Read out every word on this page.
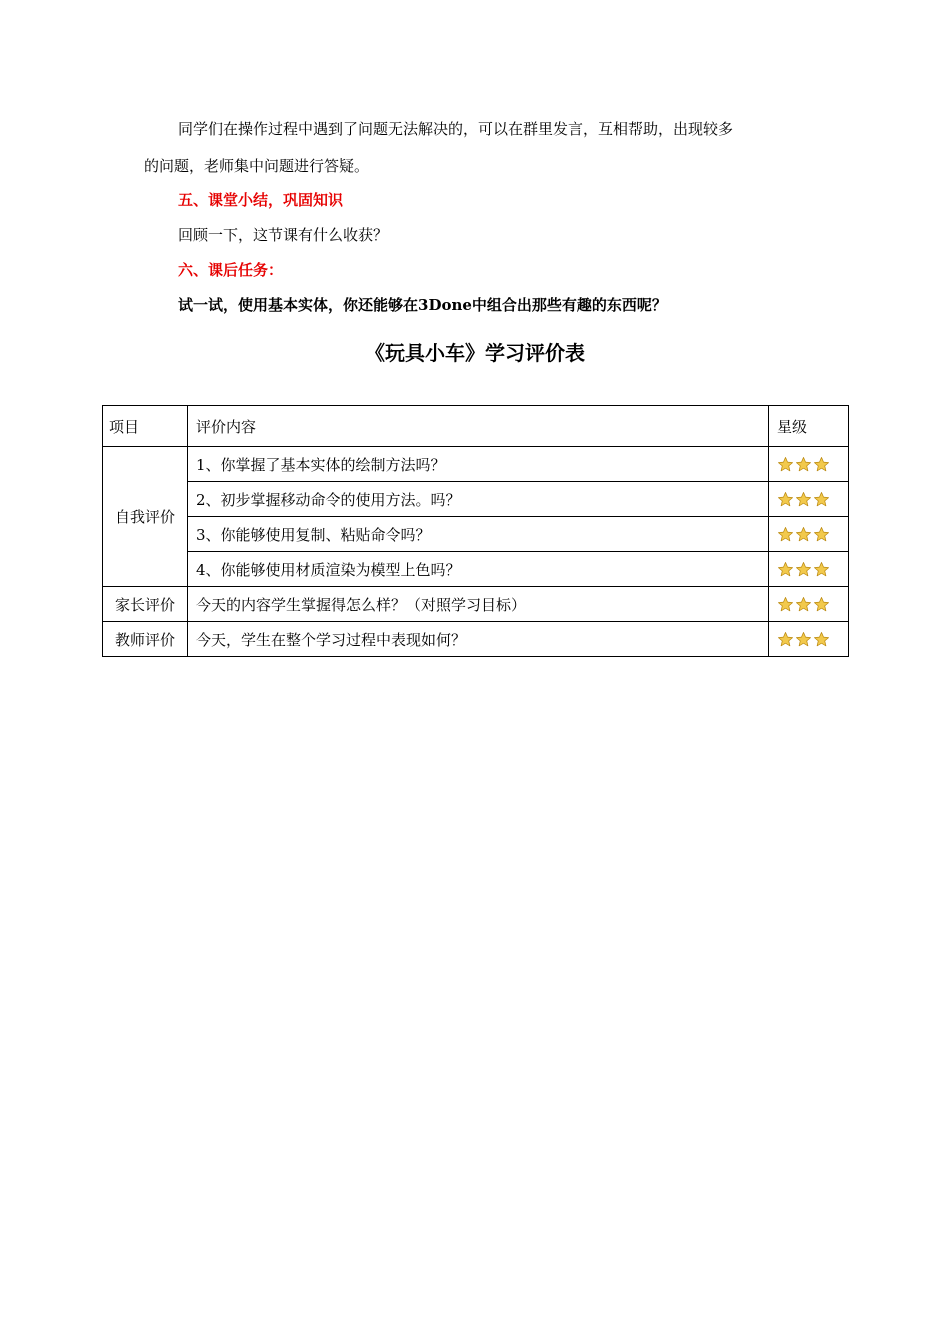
同学们在操作过程中遇到了问题无法解决的，可以在群里发言，互相帮助，出现较多
的问题，老师集中问题进行答疑。
五、课堂小结，巩固知识
回顾一下，这节课有什么收获？
六、课后任务：
试一试，使用基本实体，你还能够在3Done中组合出那些有趣的东西呢？
《玩具小车》学习评价表
项目	评价内容	星级
自我评价	1、你掌握了基本实体的绘制方法吗？	

	2、初步掌握移动命令的使用方法。吗？	

	3、你能够使用复制、粘贴命令吗？	

	4、你能够使用材质渲染为模型上色吗？	

家长评价	今天的内容学生掌握得怎么样？（对照学习目标）	

教师评价	今天，学生在整个学习过程中表现如何？	
